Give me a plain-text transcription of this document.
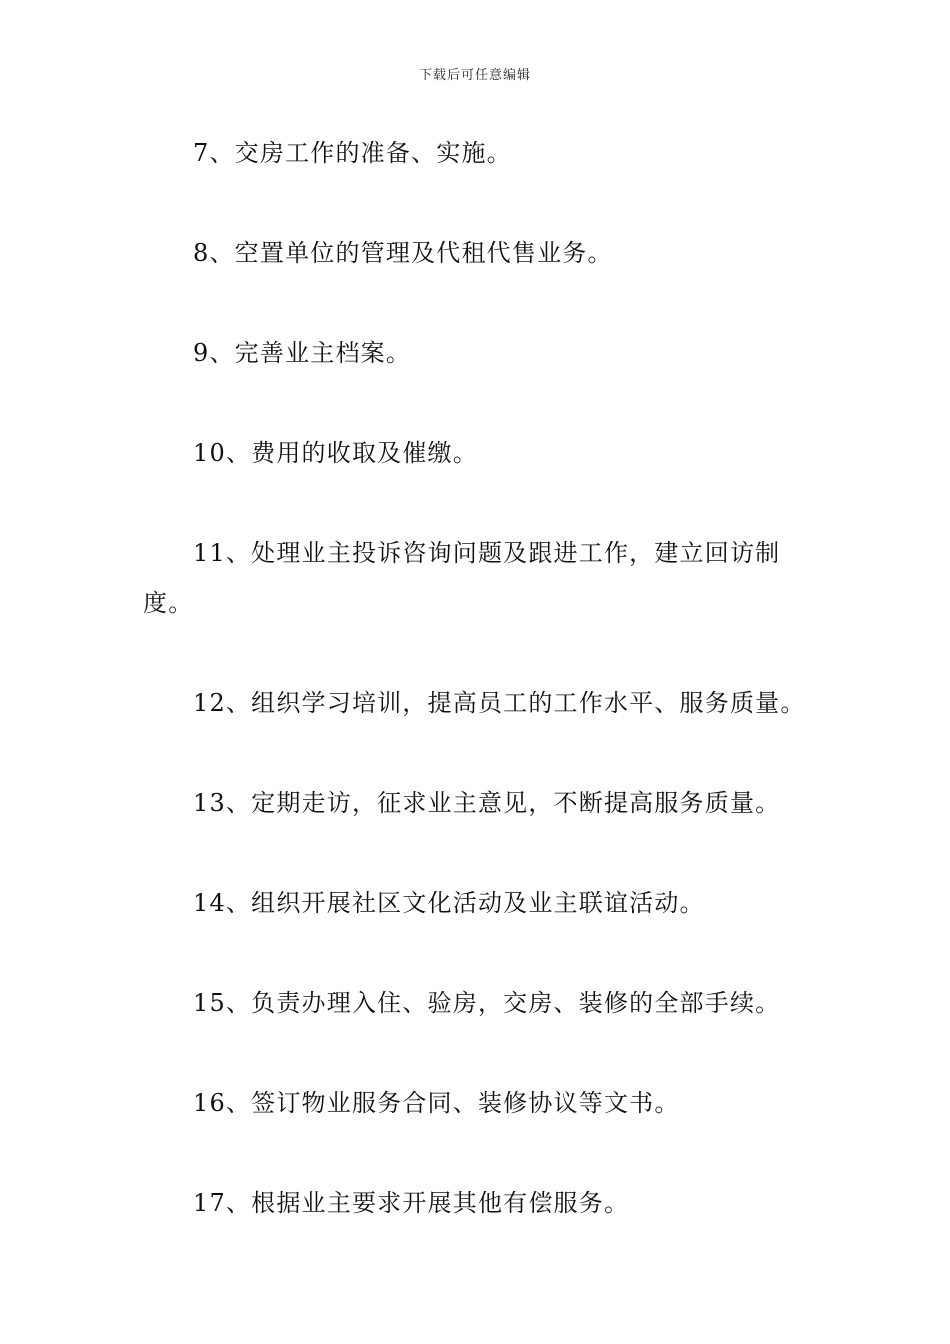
下载后可任意编辑

7、交房工作的准备、实施。

8、空置单位的管理及代租代售业务。

9、完善业主档案。

10、费用的收取及催缴。

11、处理业主投诉咨询问题及跟进工作，建立回访制度。

12、组织学习培训，提高员工的工作水平、服务质量。

13、定期走访，征求业主意见，不断提高服务质量。

14、组织开展社区文化活动及业主联谊活动。

15、负责办理入住、验房，交房、装修的全部手续。

16、签订物业服务合同、装修协议等文书。

17、根据业主要求开展其他有偿服务。
